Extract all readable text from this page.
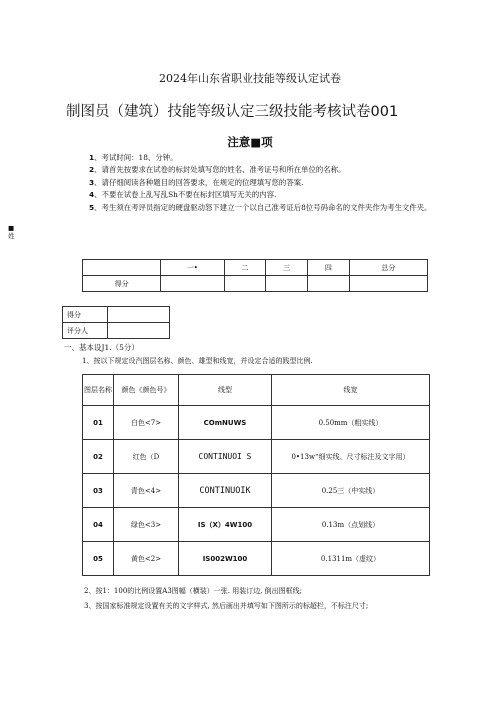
2024年山东省职业技能等级认定试卷
制图员（建筑）技能等级认定三级技能考核试卷001
注意■项
■ 姓
1、考试时间：18、分钟。
2、请首先按要求在试卷的标封处填写您的姓名、准考证号和所在单位的名称。
3、请仔细阅读各种题目的回答要求，在规定的位理填写您的答案.
4、不要在试卷上乱写乱Sh不要在标封区填写无关的内容.
5、考生须在考评员指定的硬盘驱动怒下建立一个以自己准考证后8位号码命名的文件夹作为考生文件夹。
	一•	二	三	四	总分
得分					
得分	
评分人	
一、基本设J1.（5分）
1、按以下规定设汽图层名称、颜色、雄型和线宽，并设定合适的践型比例.
图层名称	颜色《颜色号》	线型	线宽
01	白色<7>	COmNUWS	0.50mm（粗实线）
02	红色（D	CONTINUOI S	0•13w“细实线、尺寸标注及文字用）
03	青色<4>	CONTINUOIK	0.25三（中实线）
04	绿色<3>	IS（X）4W100	0.13m（点划线）
05	黄色<2>	IS002W100	0.1311m（虚纹）
2、按1：100的比例设置A3图幅（横装）一张. 用装订边, 倒出图框线;
3、按国家标准规定设置有关的文字样式, 然后画出并填写如下图所示的标超栏，不标注尺寸;
